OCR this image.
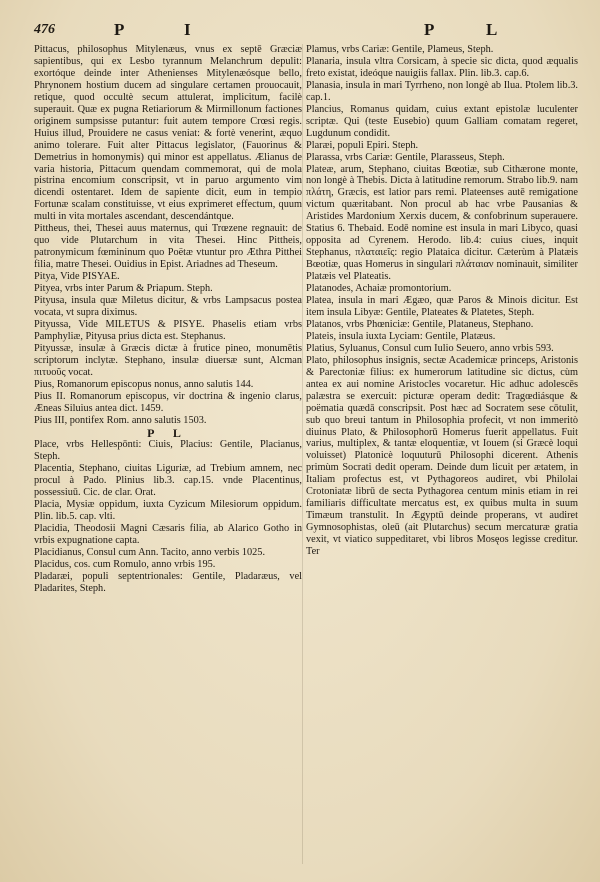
476	P	I	P	L

Pittacus, philosophus Mitylenæus, vnus ex septē Græciæ sapientibus, qui ex Lesbo tyrannum Melanchrum depulit: exortóque deinde inter Athenienses Mitylenæósque bello, Phrynonem hostium ducem ad singulare certamen prouocauit, retique, quod occultè secum attulerat, implicitum, facilè superauit. Quæ ex pugna Retiariorum & Mirmillonum factiones originem sumpsisse putantur: fuit autem tempore Crœsi regis. Huius illud, Prouidere ne casus veniat: & fortè venerint, æquo animo tolerare. Fuit alter Pittacus legislator, (Fauorinus & Demetrius in homonymis) qui minor est appellatus. Ælianus de varia historia, Pittacum quendam commemorat, qui de mola pistrina encomium conscripsit, vt in paruo argumento vim dicendi ostentaret. Idem de sapiente dicit, eum in tempio Fortunæ scalam constituisse, vt eius exprimeret effectum, quum multi in vita mortales ascendant, descendántque.

Pittheus, thei, Thesei auus maternus, qui Trœzene regnauit: de quo vide Plutarchum in vita Thesei. Hinc Pittheis, patronymicum fœmininum quo Poëtæ vtuntur pro Æthra Pitthei filia, matre Thesei. Ouidius in Epist. Ariadnes ad Theseum.

Pitya, Vide PISYAE.

Pityea, vrbs inter Parum & Priapum. Steph.

Pityusa, insula quæ Miletus dicitur, & vrbs Lampsacus postea vocata, vt supra diximus.

Pityussa, Vide MILETUS & PISYE. Phaselis etiam vrbs Pamphyliæ, Pityusa prius dicta est. Stephanus.

Pityussæ, insulæ à Græcis dictæ à frutice pineo, monumētis scriptorum inclytæ. Stephano, insulæ diuersæ sunt, Alcman πιτυοῦς vocat.

Pius, Romanorum episcopus nonus, anno salutis 144.

Pius II. Romanorum episcopus, vir doctrina & ingenio clarus, Æneas Siluius antea dict. 1459.

Pius III, pontifex Rom. anno salutis 1503.

P L

Place, vrbs Hellespōnti: Ciuis, Placius: Gentile, Placianus, Steph.

Placentia, Stephano, ciuitas Liguriæ, ad Trebium amnem, nec procul à Pado. Plinius lib.3. cap.15. vnde Placentinus, possessiuū. Cic. de clar. Orat.

Placia, Mysiæ oppidum, iuxta Cyzicum Milesiorum oppidum. Plin. lib.5. cap. vlti.

Placidia, Theodosii Magni Cæsaris filia, ab Alarico Gotho in vrbis expugnatione capta.

Placidianus, Consul cum Ann. Tacito, anno verbis 1025.

Placidus, cos. cum Romulo, anno vrbis 195.

Pladaræi, populi septentrionales: Gentile, Pladaræus, vel Pladarites, Steph.

Plamus, vrbs Cariæ: Gentile, Plameus, Steph.

Planaria, insula vltra Corsicam, à specie sic dicta, quod æqualis freto existat, ideóque nauigiis fallax. Plin. lib.3. cap.6.

Planasia, insula in mari Tyrrheno, non longè ab Ilua. Ptolem lib.3. cap.1.

Plancius, Romanus quidam, cuius extant epistolæ luculenter scriptæ. Qui (teste Eusebio) quum Galliam comatam regeret, Lugdunum condidit.

Plaræi, populi Epiri. Steph.

Plarassa, vrbs Cariæ: Gentile, Plarasseus, Steph.

Plateæ, arum, Stephano, ciuitas Bœotiæ, sub Cithærone monte, non longè à Thebis. Dicta à latitudine remorum. Strabo lib.9. nam πλάτη, Græcis, est latior pars remi. Plateenses autē remigatione victum quæritabant. Non procul ab hac vrbe Pausanias & Aristides Mardonium Xerxis ducem, & confobrinum superauere. Statius 6. Thebaid. Eodē nomine est insula in mari Libyco, quasi opposita ad Cyrenem. Herodo. lib.4: cuius ciues, inquit Stephanus, πλαταιεῖς: regio Plataica dicitur. Cæterùm à Platæis Bœotiæ, quas Homerus in singulari πλάταιαν nominauit, similiter Platæis vel Plateatis.

Platanodes, Achaiæ promontorium.

Platea, insula in mari Ægæo, quæ Paros & Minois dicitur. Est item insula Libyæ: Gentile, Plateates & Platetes, Steph.

Platanos, vrbs Phœniciæ: Gentile, Plataneus, Stephano.

Plateis, insula iuxta Lyciam: Gentile, Platæus.

Platius, Syluanus, Consul cum Iulio Seuero, anno vrbis 593.

Plato, philosophus insignis, sectæ Academicæ princeps, Aristonis & Parectoniæ filius: ex humerorum latitudine sic dictus, cùm antea ex aui nomine Aristocles vocaretur. Hic adhuc adolescēs palæstra se exercuit: picturæ operam dedit: Tragœdiásque & poëmatia quædā conscripsit. Post hæc ad Socratem sese cōtulit, sub quo breui tantum in Philosophia profecit, vt non immeritò diuinus Plato, & Philosophorū Homerus fuerit appellatus. Fuit varius, multiplex, & tantæ eloquentiæ, vt Iouem (si Græcè loqui voluisset) Platonicè loquuturū Philosophi dicerent. Athenis primùm Socrati dedit operam. Deinde dum licuit per ætatem, in Italiam profectus est, vt Pythagoreos audiret, vbi Philolai Crotoniatæ librū de secta Pythagorea centum minis etiam in rei familiaris difficultate mercatus est, ex quibus multa in suum Timæum transtulit. In Ægyptū deinde properans, vt audiret Gymnosophistas, oleū (ait Plutarchus) secum mercaturæ gratia vexit, vt viatico suppeditaret, vbi libros Mosęos legisse creditur. Ter
